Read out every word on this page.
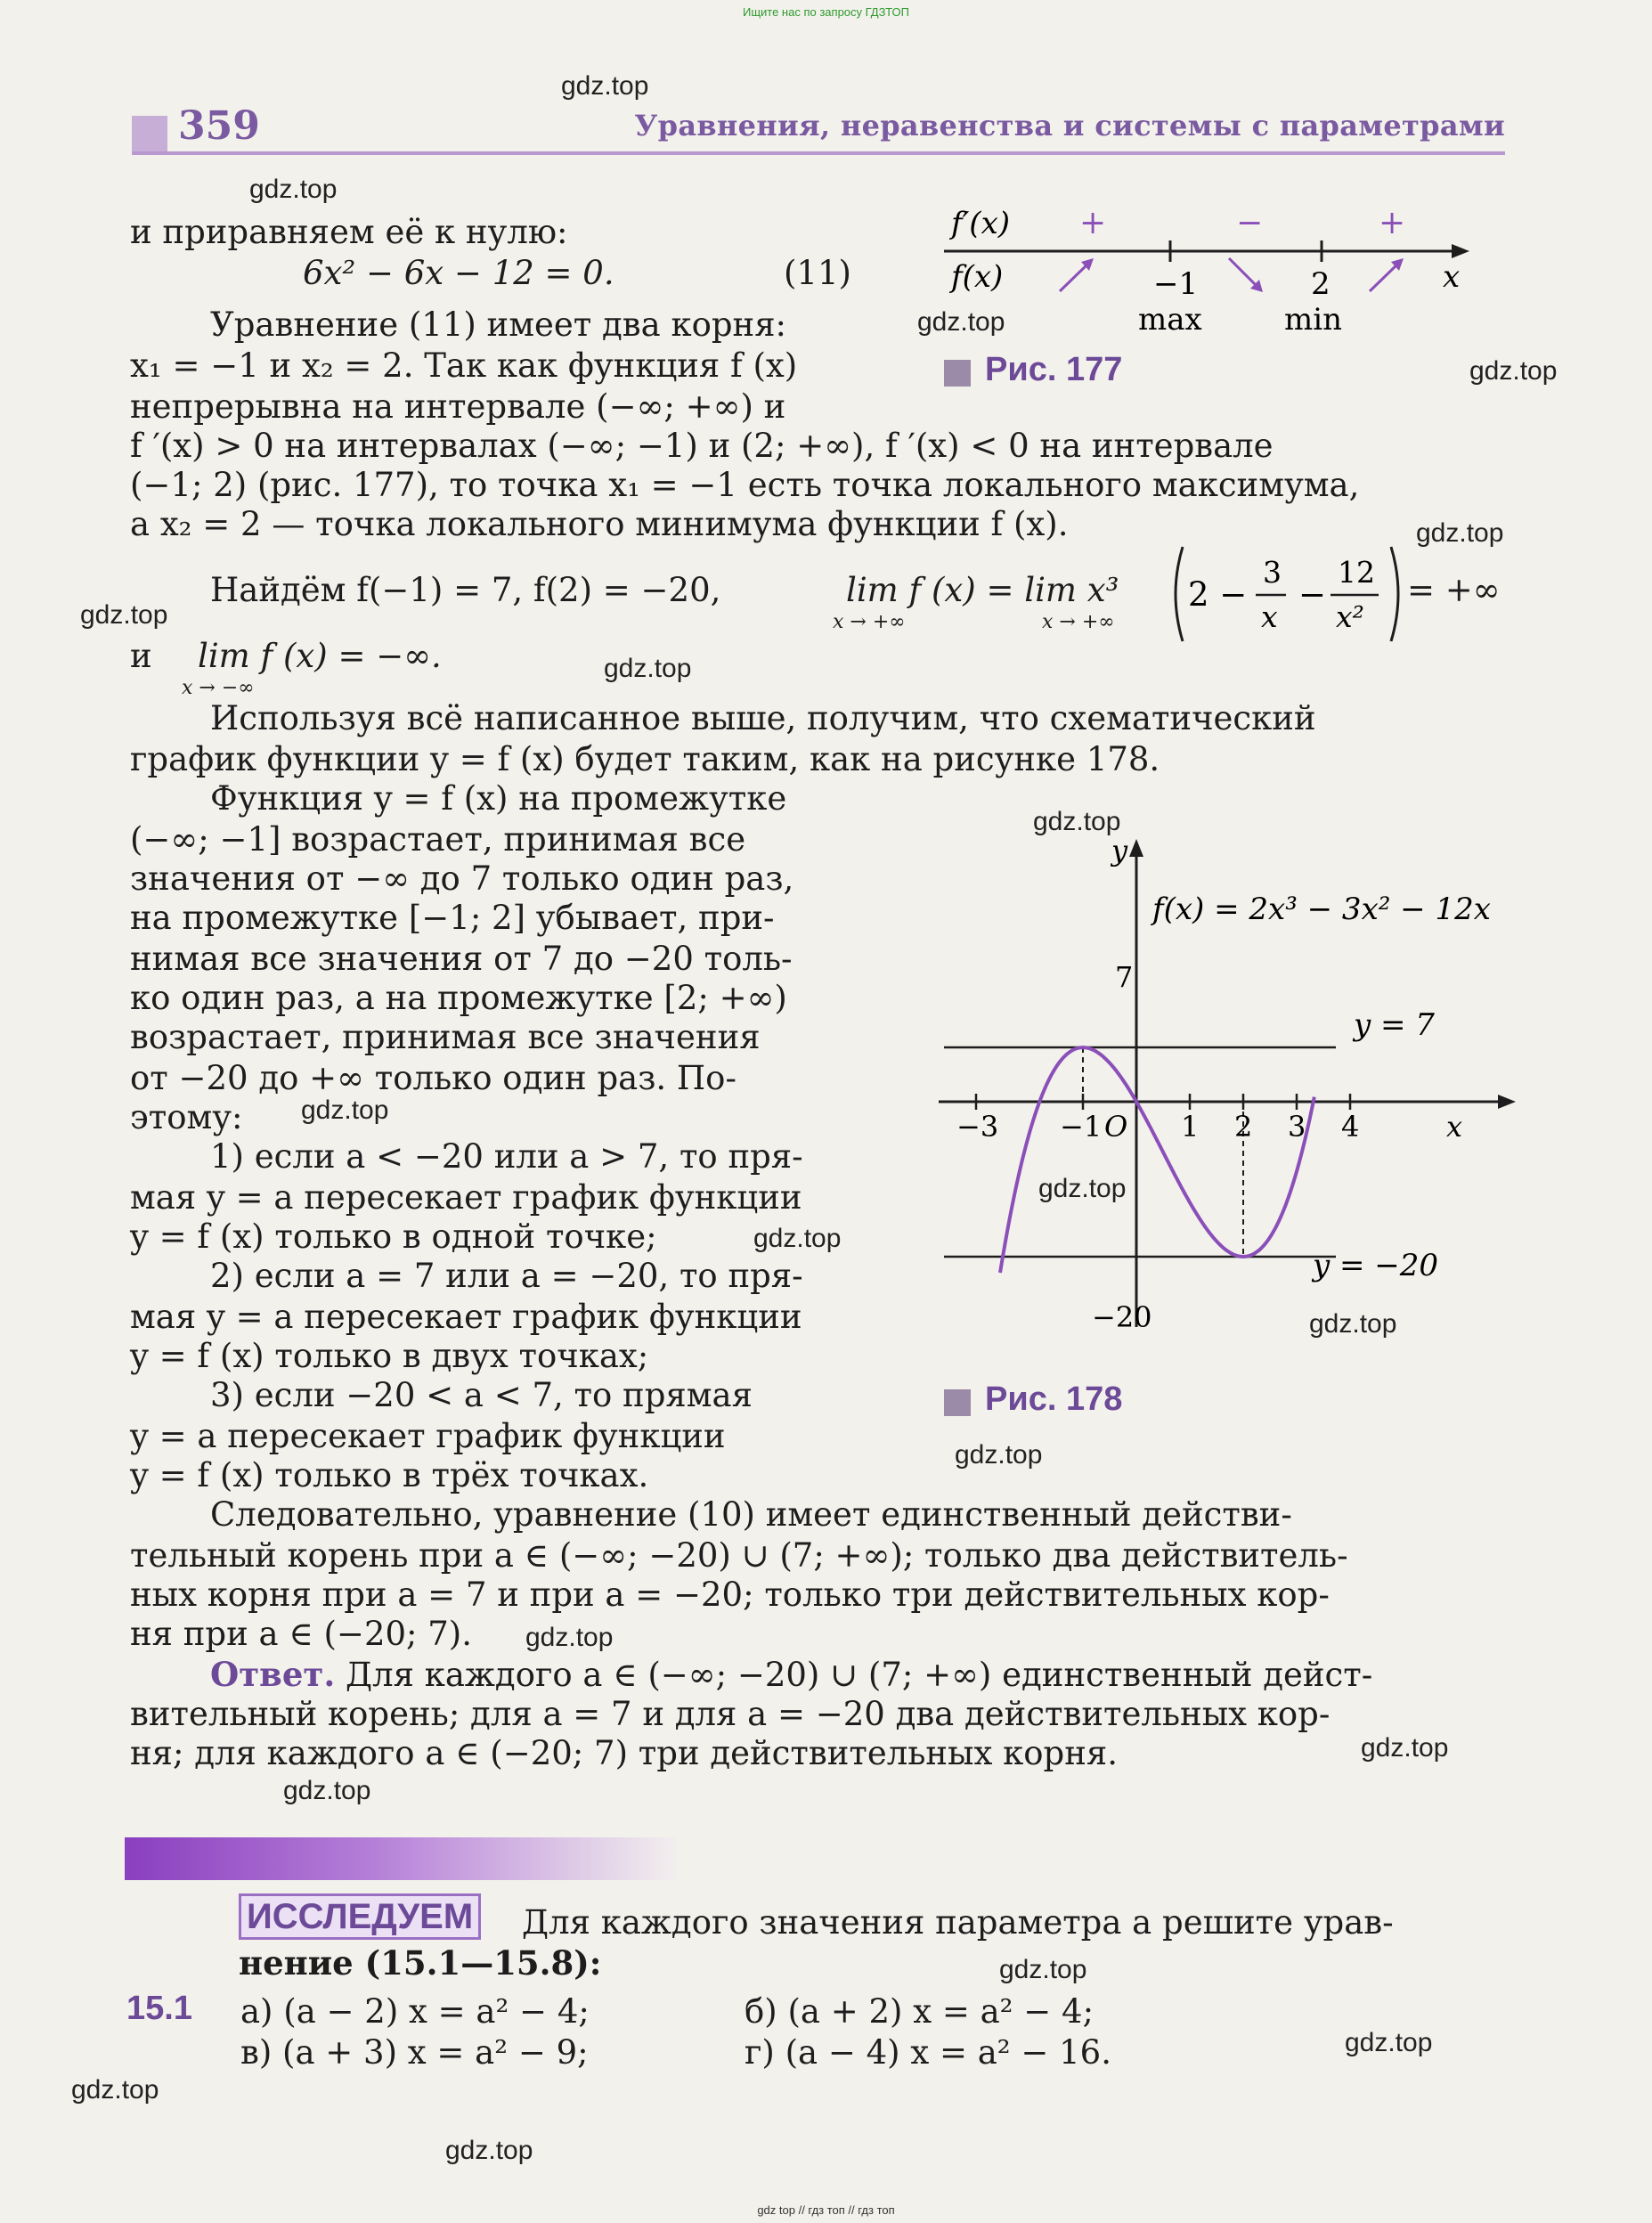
Ищите нас по запросу ГДЗТОП
359	Уравнения, неравенства и системы с параметрами
gdz.top
gdz.top
gdz.top
gdz.top
gdz.top
gdz.top
gdz.top
gdz.top
gdz.top
gdz.top
gdz.top
gdz.top
gdz.top
gdz.top
gdz.top
gdz.top
gdz.top
gdz.top
gdz.top
gdz.top
f′(x)
f(x)
+	−	+
−1	2
max	min
x
Рис. 177
и приравняем её к нулю:
6x² − 6x − 12 = 0.	(11)
Уравнение (11) имеет два корня:
x₁ = −1 и x₂ = 2. Так как функция f (x)
непрерывна на интервале (−∞; +∞) и
f ′(x) > 0 на интервалах (−∞; −1) и (2; +∞), f ′(x) < 0 на интервале
(−1; 2) (рис. 177), то точка x₁ = −1 есть точка локального максимума,
а x₂ = 2 — точка локального минимума функции f (x).
Найдём f(−1) = 7, f(2) = −20,	lim f (x) = lim x³
x → +∞	x → +∞
2 −
3
x
−
12
x²
= +∞
и lim f (x) = −∞.
x → −∞
Используя всё написанное выше, получим, что схематический
график функции y = f (x) будет таким, как на рисунке 178.
Функция y = f (x) на промежутке
(−∞; −1] возрастает, принимая все
значения от −∞ до 7 только один раз,
на промежутке [−1; 2] убывает, при-
нимая все значения от 7 до −20 толь-
ко один раз, а на промежутке [2; +∞)
возрастает, принимая все значения
от −20 до +∞ только один раз. По-
этому:
1) если a < −20 или a > 7, то пря-
мая y = a пересекает график функции
y = f (x) только в одной точке;
2) если a = 7 или a = −20, то пря-
мая y = a пересекает график функции
y = f (x) только в двух точках;
3) если −20 < a < 7, то прямая
y = a пересекает график функции
y = f (x) только в трёх точках.
Следовательно, уравнение (10) имеет единственный действи-
тельный корень при a ∈ (−∞; −20) ∪ (7; +∞); только два действитель-
ных корня при a = 7 и при a = −20; только три действительных кор-
ня при a ∈ (−20; 7).
Ответ. Для каждого a ∈ (−∞; −20) ∪ (7; +∞) единственный дейст-
вительный корень; для a = 7 и для a = −20 два действительных кор-
ня; для каждого a ∈ (−20; 7) три действительных корня.
−3 −1 O 1 2 3 4	x
y
7
−20
f(x) = 2x³ − 3x² − 12x
y = 7
y = −20
Рис. 178
ИССЛЕДУЕМ Для каждого значения параметра a решите урав-
нение (15.1—15.8):
15.1 а) (a − 2) x = a² − 4;	б) (a + 2) x = a² − 4;
в) (a + 3) x = a² − 9;	г) (a − 4) x = a² − 16.
gdz top // гдз топ // гдз топ
